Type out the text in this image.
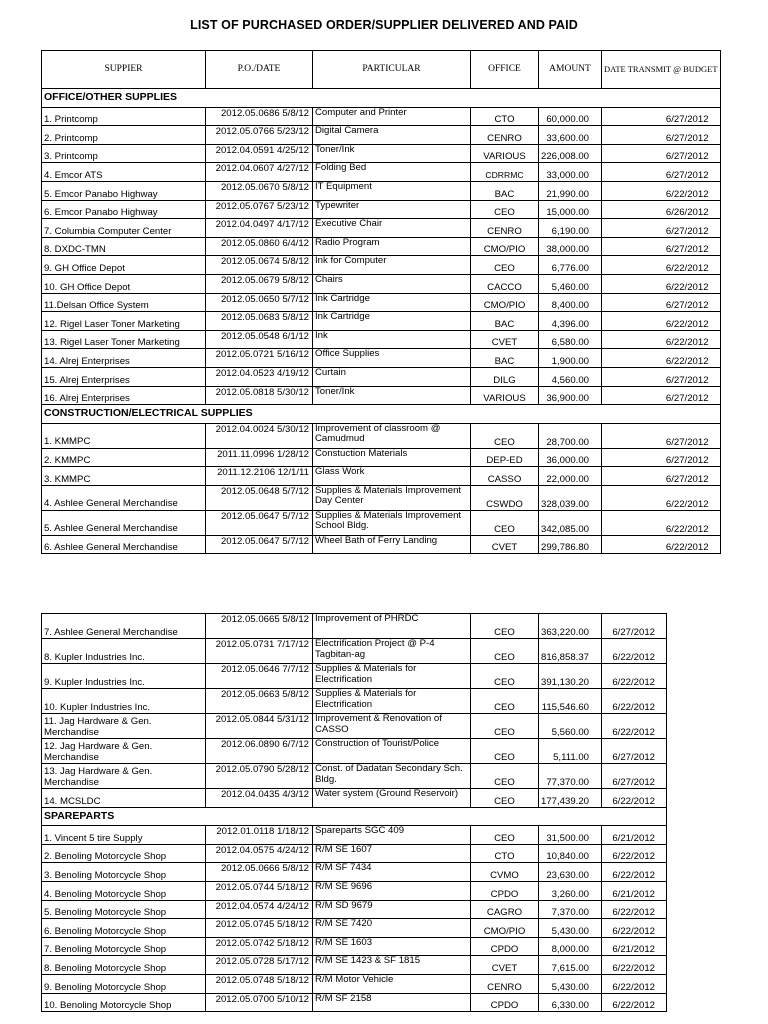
LIST OF PURCHASED ORDER/SUPPLIER DELIVERED AND PAID
SUPPIER	P.O./DATE	PARTICULAR	OFFICE	AMOUNT	DATE TRANSMIT @ BUDGET
OFFICE/OTHER SUPPLIES					
1. Printcomp	2012.05.0686 5/8/12	Computer and Printer	CTO	60,000.00	6/27/2012
2. Printcomp	2012.05.0766 5/23/12	Digital Camera	CENRO	33,600.00	6/27/2012
3. Printcomp	2012.04.0591 4/25/12	Toner/Ink	VARIOUS	226,008.00	6/27/2012
4. Emcor ATS	2012.04.0607 4/27/12	Folding Bed	CDRRMC	33,000.00	6/27/2012
5. Emcor Panabo Highway	2012.05.0670 5/8/12	IT Equipment	BAC	21,990.00	6/22/2012
6. Emcor Panabo Highway	2012.05.0767 5/23/12	Typewriter	CEO	15,000.00	6/26/2012
7. Columbia Computer Center	2012.04.0497 4/17/12	Executive Chair	CENRO	6,190.00	6/27/2012
8. DXDC-TMN	2012.05.0860 6/4/12	Radio Program	CMO/PIO	38,000.00	6/27/2012
9. GH Office Depot	2012.05.0674 5/8/12	Ink for Computer	CEO	6,776.00	6/22/2012
10. GH Office Depot	2012.05.0679 5/8/12	Chairs	CACCO	5,460.00	6/22/2012
11.Delsan Office System	2012.05.0650 5/7/12	Ink Cartridge	CMO/PIO	8,400.00	6/27/2012
12. Rigel Laser Toner Marketing	2012.05.0683 5/8/12	Ink Cartridge	BAC	4,396.00	6/22/2012
13. Rigel Laser Toner Marketing	2012.05.0548 6/1/12	Ink	CVET	6,580.00	6/22/2012
14. Alrej Enterprises	2012.05.0721 5/16/12	Office Supplies	BAC	1,900.00	6/22/2012
15. Alrej Enterprises	2012.04.0523 4/19/12	Curtain	DILG	4,560.00	6/27/2012
16. Alrej Enterprises	2012.05.0818 5/30/12	Toner/Ink	VARIOUS	36,900.00	6/27/2012
CONSTRUCTION/ELECTRICAL SUPPLIES					
1. KMMPC	2012.04.0024 5/30/12	Improvement of classroom @ Camudmud	CEO	28,700.00	6/27/2012
2. KMMPC	2011.11.0996 1/28/12	Constuction Materials	DEP-ED	36,000.00	6/27/2012
3. KMMPC	2011.12.2106 12/1/11	Glass Work	CASSO	22,000.00	6/27/2012
4. Ashlee General Merchandise	2012.05.0648 5/7/12	Supplies & Materials Improvement Day Center	CSWDO	328,039.00	6/22/2012
5. Ashlee General Merchandise	2012.05.0647 5/7/12	Supplies & Materials Improvement School Bldg.	CEO	342,085.00	6/22/2012
6. Ashlee General Merchandise	2012.05.0647 5/7/12	Wheel Bath of Ferry Landing	CVET	299,786.80	6/22/2012
7. Ashlee General Merchandise	2012.05.0665 5/8/12	Improvement of PHRDC	CEO	363,220.00	6/27/2012
8. Kupler Industries Inc.	2012.05.0731 7/17/12	Electrification Project @ P-4 Tagbitan-ag	CEO	816,858.37	6/22/2012
9. Kupler Industries Inc.	2012.05.0646 7/7/12	Supplies & Materials for Electrification	CEO	391,130.20	6/22/2012
10. Kupler Industries Inc.	2012.05.0663 5/8/12	Supplies & Materials for Electrification	CEO	115,546.60	6/22/2012
11. Jag Hardware & Gen. Merchandise	2012.05.0844 5/31/12	Improvement & Renovation of CASSO	CEO	5,560.00	6/22/2012
12. Jag Hardware & Gen. Merchandise	2012.06.0890 6/7/12	Construction of Tourist/Police	CEO	5,111.00	6/27/2012
13. Jag Hardware & Gen. Merchandise	2012.05.0790 5/28/12	Const. of Dadatan Secondary Sch. Bldg.	CEO	77,370.00	6/27/2012
14. MCSLDC	2012.04.0435 4/3/12	Water system (Ground Reservoir)	CEO	177,439.20	6/22/2012
SPAREPARTS					
1. Vincent 5 tire Supply	2012.01.0118 1/18/12	Spareparts SGC 409	CEO	31,500.00	6/21/2012
2. Benoling Motorcycle Shop	2012.04.0575 4/24/12	R/M SE 1607	CTO	10,840.00	6/22/2012
3. Benoling Motorcycle Shop	2012.05.0666 5/8/12	R/M SF 7434	CVMO	23,630.00	6/22/2012
4. Benoling Motorcycle Shop	2012.05.0744 5/18/12	R/M SE 9696	CPDO	3,260.00	6/21/2012
5. Benoling Motorcycle Shop	2012.04.0574 4/24/12	R/M SD 9679	CAGRO	7,370.00	6/22/2012
6. Benoling Motorcycle Shop	2012.05.0745 5/18/12	R/M SE 7420	CMO/PIO	5,430.00	6/22/2012
7. Benoling Motorcycle Shop	2012.05.0742 5/18/12	R/M SE 1603	CPDO	8,000.00	6/21/2012
8. Benoling Motorcycle Shop	2012.05.0728 5/17/12	R/M SE 1423 & SF 1815	CVET	7,615.00	6/22/2012
9. Benoling Motorcycle Shop	2012.05.0748 5/18/12	R/M Motor Vehicle	CENRO	5,430.00	6/22/2012
10. Benoling Motorcycle Shop	2012.05.0700 5/10/12	R/M SF 2158	CPDO	6,330.00	6/22/2012
